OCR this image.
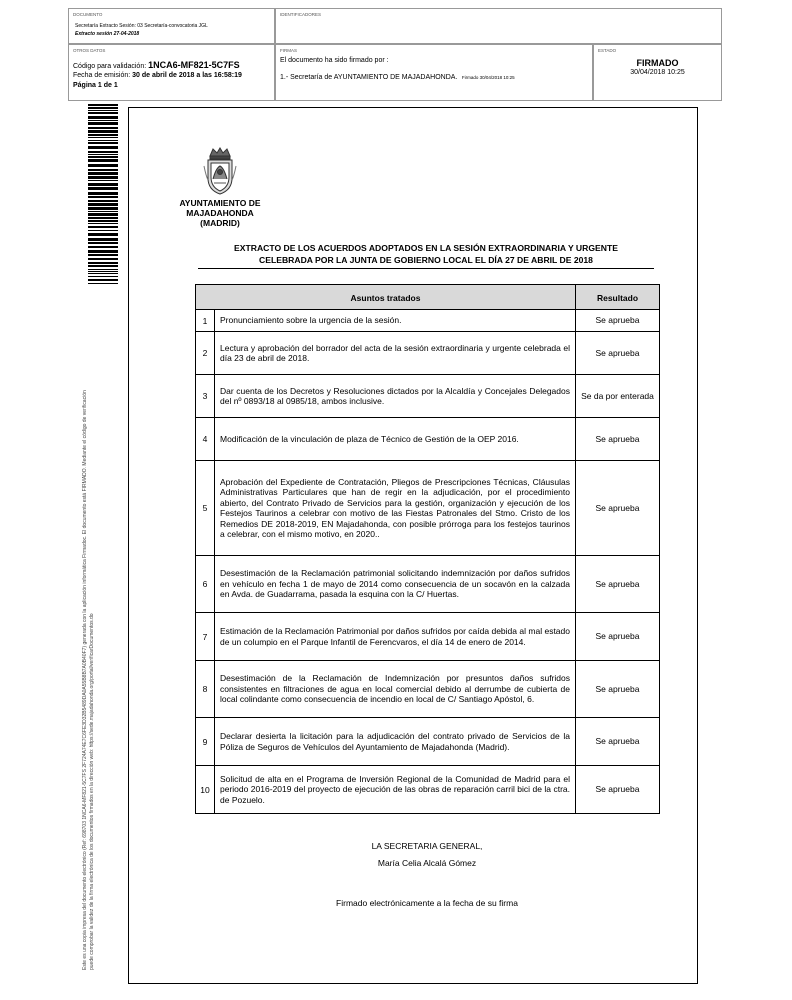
DOCUMENTO
Secretaría Extracto Sesión: 03 Secretaría-convocatoria JGL
Extracto sesión 27-04-2018
IDENTIFICADORES
OTROS DATOS
Código para validación: 1NCA6-MF821-5C7FS
Fecha de emisión: 30 de abril de 2018 a las 16:58:19
Página 1 de 1
FIRMAS
El documento ha sido firmado por :
1.- Secretaría de AYUNTAMIENTO DE MAJADAHONDA. Firmado 30/04/2018 10:25
ESTADO
FIRMADO
30/04/2018 10:25
Este es una copia impresa del documento electrónico (Ref: 698703 1NCA6-MF821-5C7FS 2F724A74E7C6FE3D32B5489DA0A55B8B7A0B40F7) generada con la aplicación informática Firmadoc. El documento está FIRMADO. Mediante el código de verificación puede comprobar la validez de la firma electrónica de los documentos firmados en la dirección web: https://sede.majadahonda.org/portal/verificarDocumentos.do
AYUNTAMIENTO DE
MAJADAHONDA
(MADRID)
EXTRACTO DE LOS ACUERDOS ADOPTADOS EN LA SESIÓN EXTRAORDINARIA Y URGENTE
CELEBRADA POR LA JUNTA DE GOBIERNO LOCAL EL DÍA 27 DE ABRIL DE 2018
Asuntos tratados		Resultado
1	Pronunciamiento sobre la urgencia de la sesión.	Se aprueba
2	Lectura y aprobación del borrador del acta de la sesión extraordinaria y urgente celebrada el día 23 de abril de 2018.	Se aprueba
3	Dar cuenta de los Decretos y Resoluciones dictados por la Alcaldía y Concejales Delegados del nº 0893/18 al 0985/18, ambos inclusive.	Se da por enterada
4	Modificación de la vinculación de plaza de Técnico de Gestión de la OEP 2016.	Se aprueba
5	Aprobación del Expediente de Contratación, Pliegos de Prescripciones Técnicas, Cláusulas Administrativas Particulares que han de regir en la adjudicación, por el procedimiento abierto, del Contrato Privado de Servicios para la gestión, organización y ejecución de los Festejos Taurinos a celebrar con motivo de las Fiestas Patronales del Stmo. Cristo de los Remedios DE 2018-2019, EN Majadahonda, con posible prórroga para los festejos taurinos a celebrar, con el mismo motivo, en 2020..	Se aprueba
6	Desestimación de la Reclamación patrimonial solicitando indemnización por daños sufridos en vehículo en fecha 1 de mayo de 2014 como consecuencia de un socavón en la calzada en Avda. de Guadarrama, pasada la esquina con la C/ Huertas.	Se aprueba
7	Estimación de la Reclamación Patrimonial por daños sufridos por caída debida al mal estado de un columpio en el Parque Infantil de Ferencvaros, el día 14 de enero de 2014.	Se aprueba
8	Desestimación de la Reclamación de Indemnización por presuntos daños sufridos consistentes en filtraciones de agua en local comercial debido al derrumbe de cubierta de local colindante como consecuencia de incendio en local de C/ Santiago Apóstol, 6.	Se aprueba
9	Declarar desierta la licitación para la adjudicación del contrato privado de Servicios de la Póliza de Seguros de Vehículos del Ayuntamiento de Majadahonda (Madrid).	Se aprueba
10	Solicitud de alta en el Programa de Inversión Regional de la Comunidad de Madrid para el periodo 2016-2019 del proyecto de ejecución de las obras de reparación carril bici de la ctra. de Pozuelo.	Se aprueba
LA SECRETARIA GENERAL,
María Celia Alcalá Gómez
Firmado electrónicamente a la fecha de su firma
